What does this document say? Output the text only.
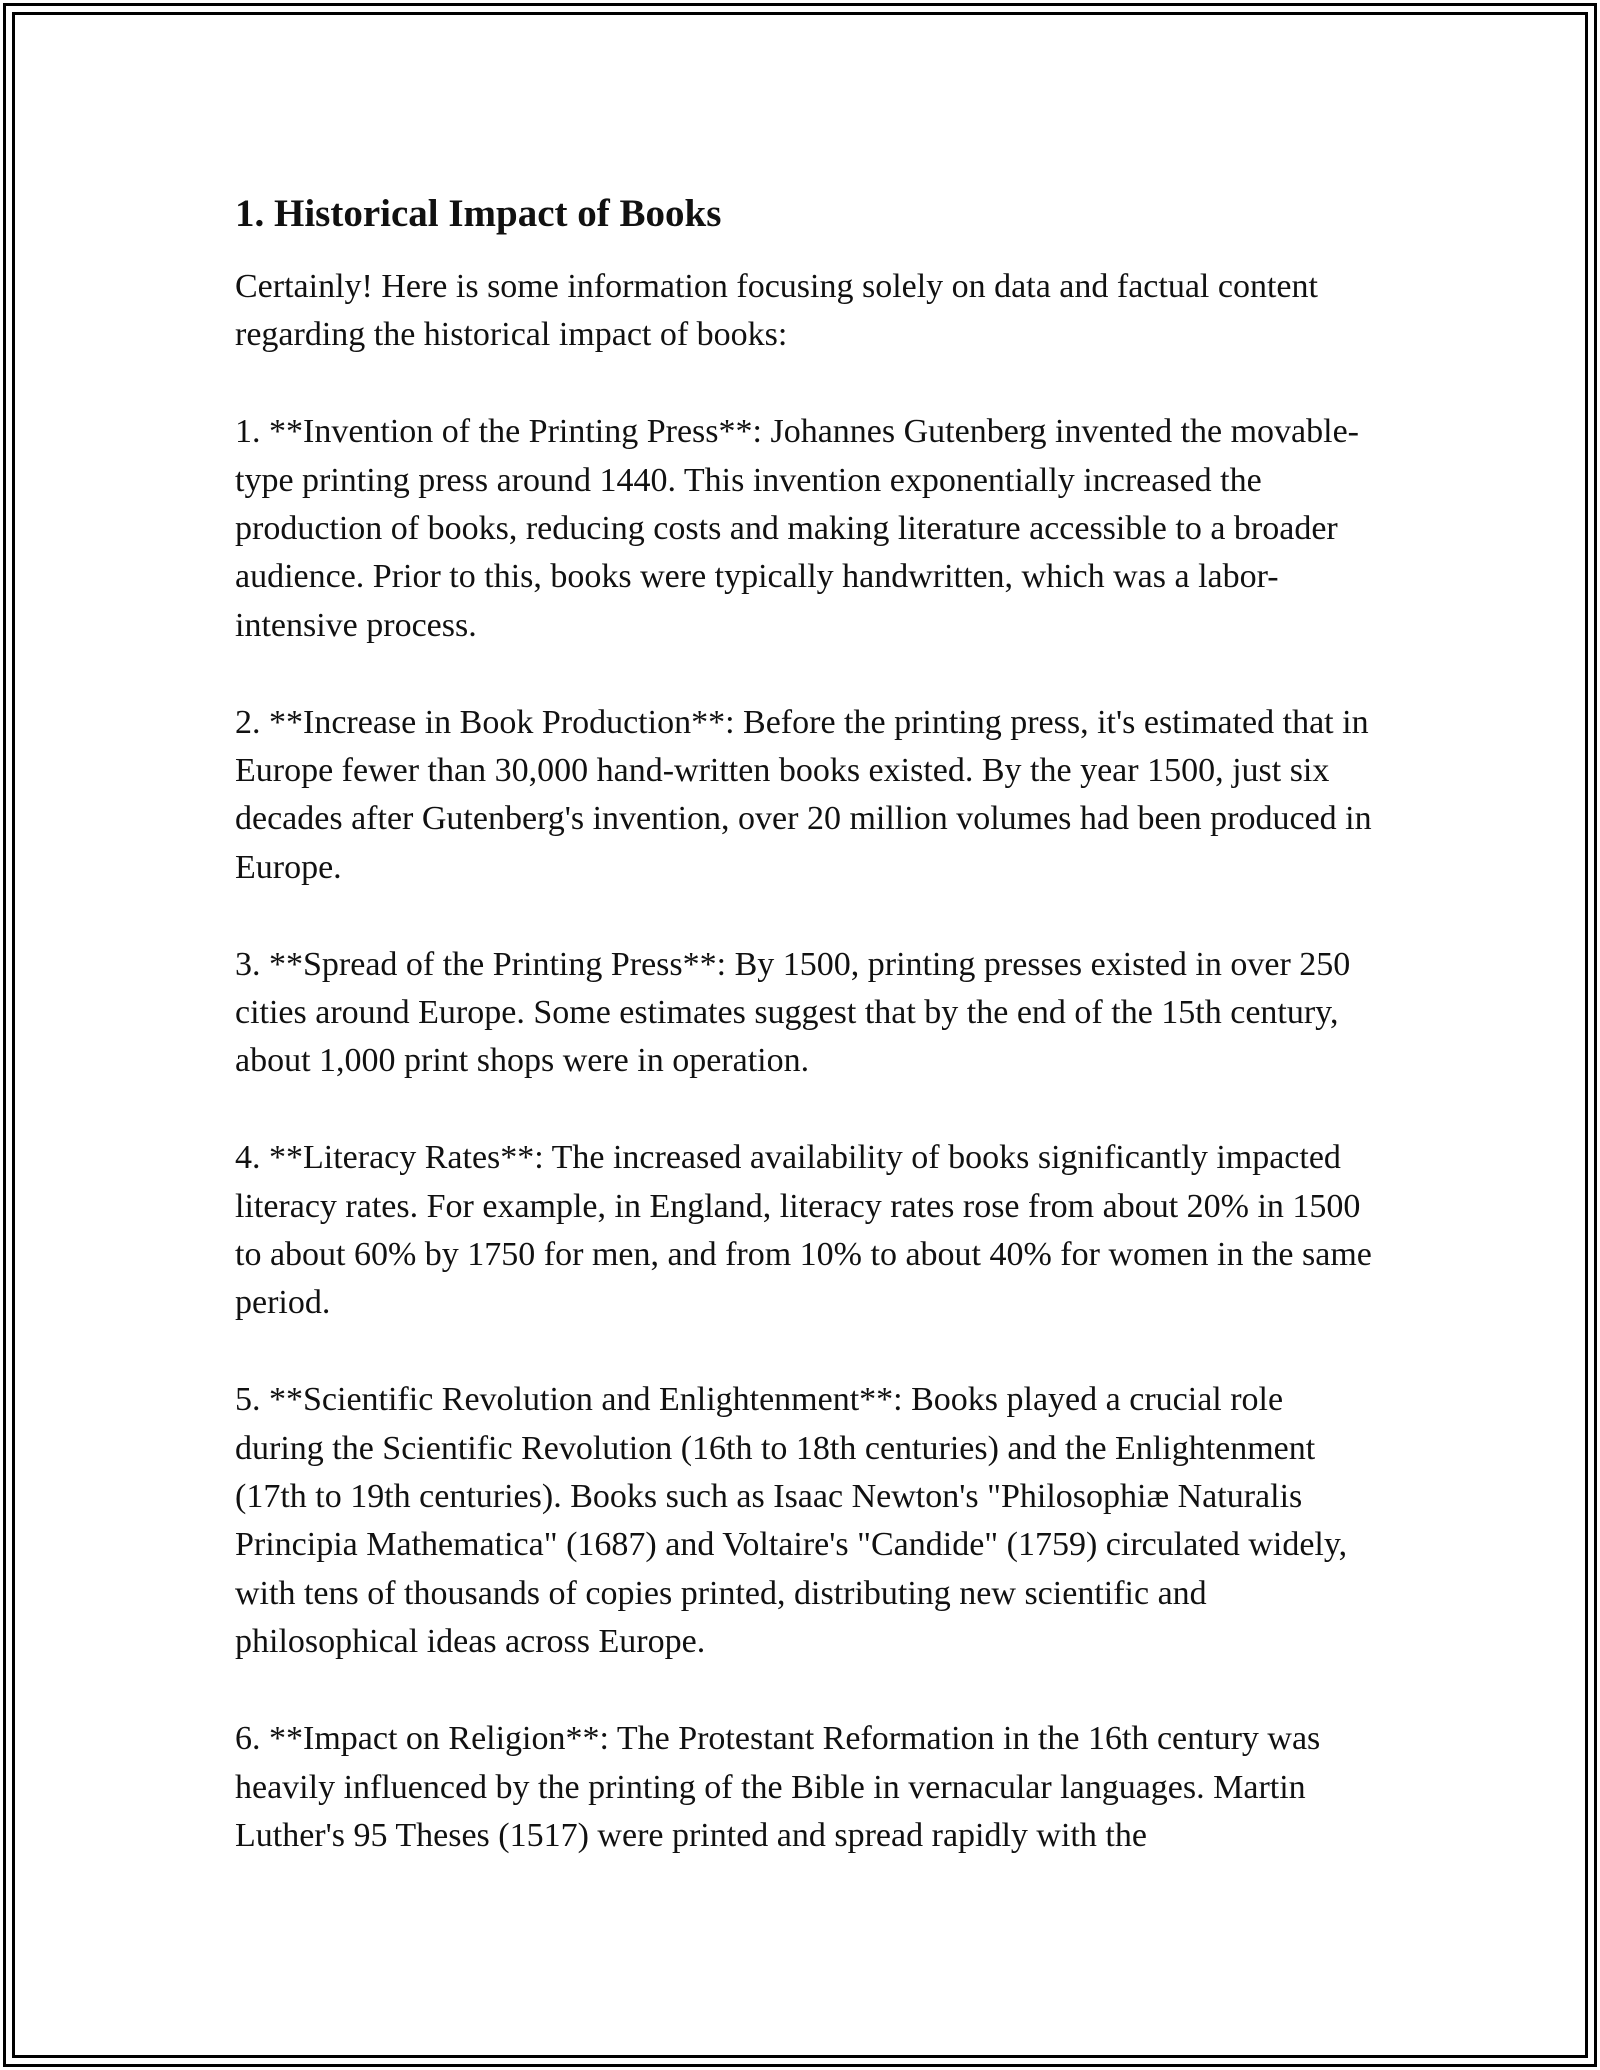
1. Historical Impact of Books

Certainly! Here is some information focusing solely on data and factual content regarding the historical impact of books:

1. **Invention of the Printing Press**: Johannes Gutenberg invented the movable-type printing press around 1440. This invention exponentially increased the production of books, reducing costs and making literature accessible to a broader audience. Prior to this, books were typically handwritten, which was a labor-intensive process.

2. **Increase in Book Production**: Before the printing press, it's estimated that in Europe fewer than 30,000 hand-written books existed. By the year 1500, just six decades after Gutenberg's invention, over 20 million volumes had been produced in Europe.

3. **Spread of the Printing Press**: By 1500, printing presses existed in over 250 cities around Europe. Some estimates suggest that by the end of the 15th century, about 1,000 print shops were in operation.

4. **Literacy Rates**: The increased availability of books significantly impacted literacy rates. For example, in England, literacy rates rose from about 20% in 1500 to about 60% by 1750 for men, and from 10% to about 40% for women in the same period.

5. **Scientific Revolution and Enlightenment**: Books played a crucial role during the Scientific Revolution (16th to 18th centuries) and the Enlightenment (17th to 19th centuries). Books such as Isaac Newton's "Philosophiæ Naturalis Principia Mathematica" (1687) and Voltaire's "Candide" (1759) circulated widely, with tens of thousands of copies printed, distributing new scientific and philosophical ideas across Europe.

6. **Impact on Religion**: The Protestant Reformation in the 16th century was heavily influenced by the printing of the Bible in vernacular languages. Martin Luther's 95 Theses (1517) were printed and spread rapidly with the
